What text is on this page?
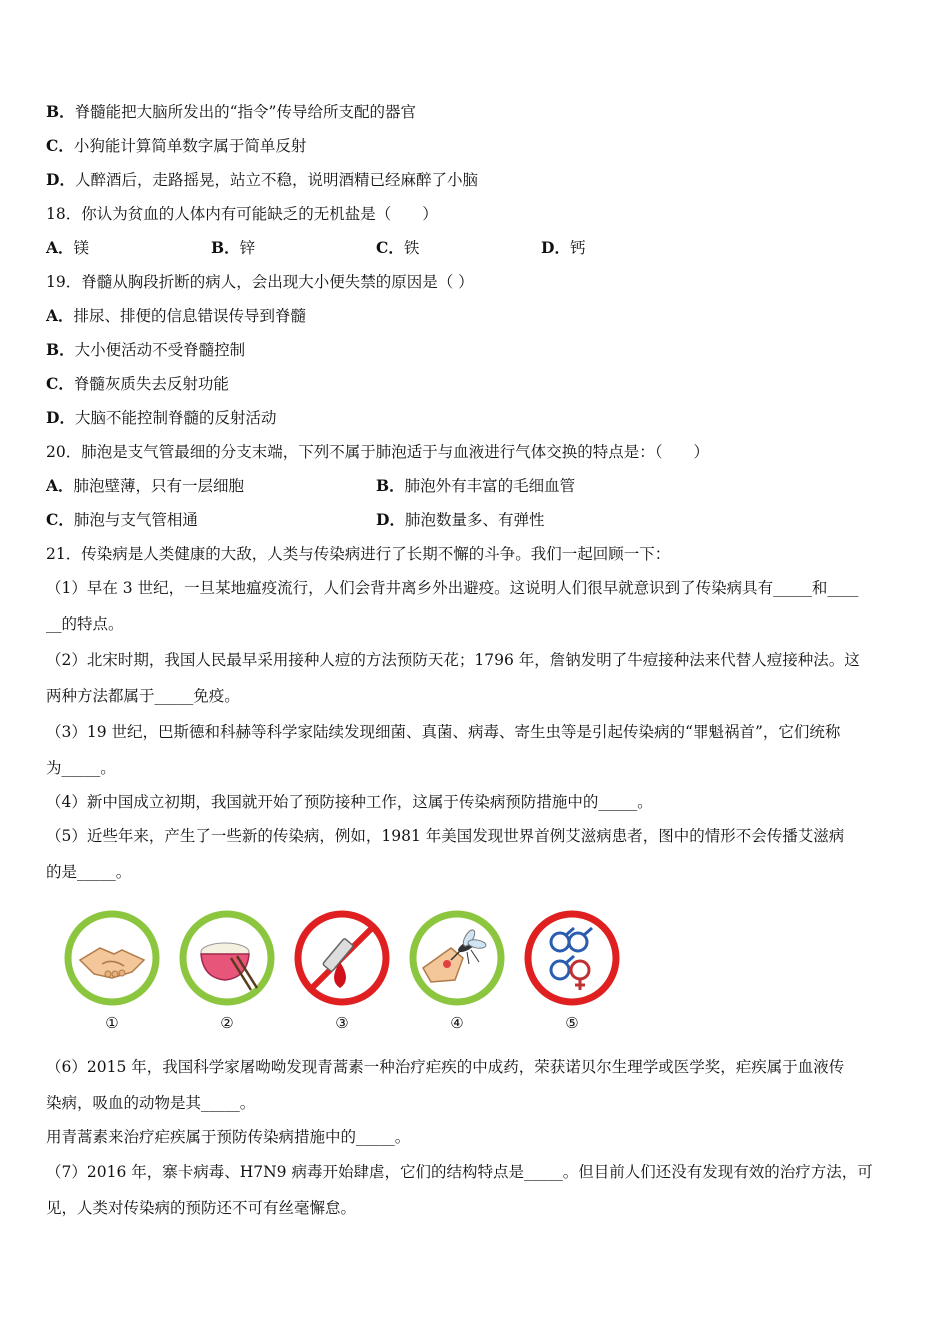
B．脊髓能把大脑所发出的“指令”传导给所支配的器官
C．小狗能计算简单数字属于简单反射
D．人醉酒后，走路摇晃，站立不稳，说明酒精已经麻醉了小脑
18．你认为贫血的人体内有可能缺乏的无机盐是（　　）
A．镁	B．锌	C．铁	D．钙
19．脊髓从胸段折断的病人，会出现大小便失禁的原因是（ ）
A．排尿、排便的信息错误传导到脊髓
B．大小便活动不受脊髓控制
C．脊髓灰质失去反射功能
D．大脑不能控制脊髓的反射活动
20．肺泡是支气管最细的分支末端，下列不属于肺泡适于与血液进行气体交换的特点是：（　　）
A．肺泡壁薄，只有一层细胞	B．肺泡外有丰富的毛细血管
C．肺泡与支气管相通	D．肺泡数量多、有弹性
21．传染病是人类健康的大敌，人类与传染病进行了长期不懈的斗争。我们一起回顾一下：
（1）早在 3 世纪，一旦某地瘟疫流行，人们会背井离乡外出避疫。这说明人们很早就意识到了传染病具有_____和____
__的特点。
（2）北宋时期，我国人民最早采用接种人痘的方法预防天花；1796 年，詹钠发明了牛痘接种法来代替人痘接种法。这
两种方法都属于_____免疫。
（3）19 世纪，巴斯德和科赫等科学家陆续发现细菌、真菌、病毒、寄生虫等是引起传染病的“罪魁祸首”，它们统称
为_____。
（4）新中国成立初期，我国就开始了预防接种工作，这属于传染病预防措施中的_____。
（5）近些年来，产生了一些新的传染病，例如，1981 年美国发现世界首例艾滋病患者，图中的情形不会传播艾滋病
的是_____。
①	②	③	④	⑤
（6）2015 年，我国科学家屠呦呦发现青蒿素一种治疗疟疾的中成药，荣获诺贝尔生理学或医学奖，疟疾属于血液传
染病，吸血的动物是其_____。
用青蒿素来治疗疟疾属于预防传染病措施中的_____。
（7）2016 年，寨卡病毒、H7N9 病毒开始肆虐，它们的结构特点是_____。但目前人们还没有发现有效的治疗方法，可
见，人类对传染病的预防还不可有丝毫懈怠。
